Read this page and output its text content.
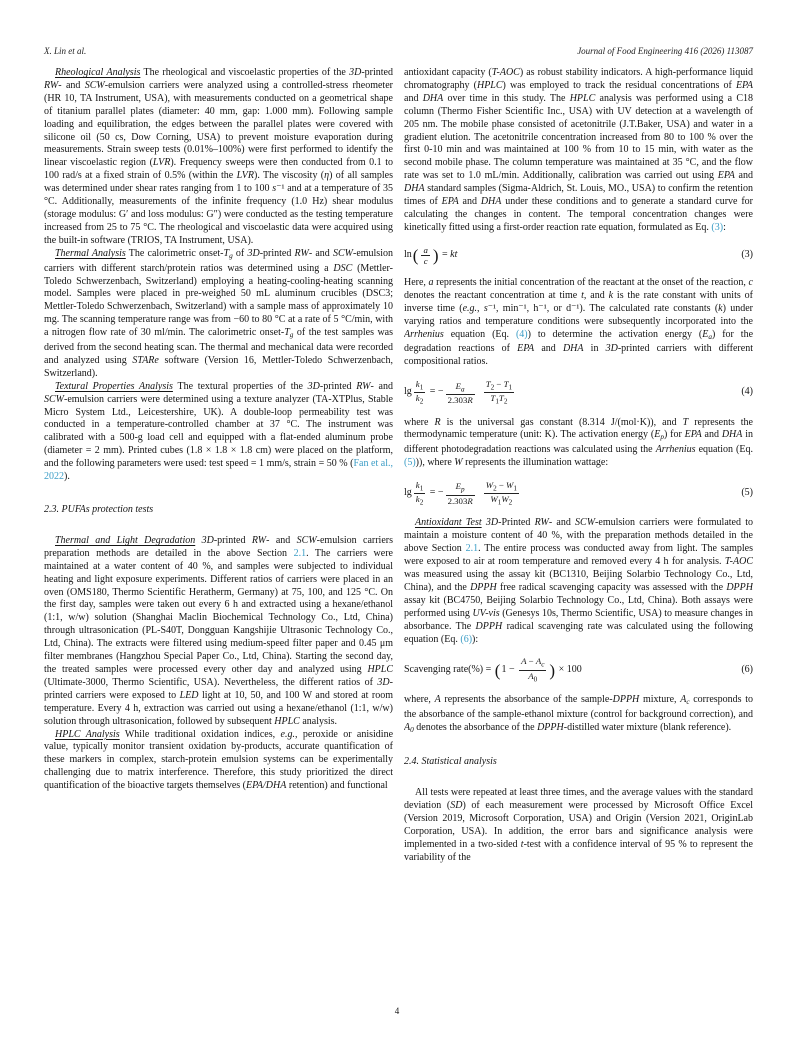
X. Lin et al.	Journal of Food Engineering 416 (2026) 113087

Rheological Analysis The rheological and viscoelastic properties of the 3D-printed RW- and SCW-emulsion carriers were analyzed using a controlled-stress rheometer (HR 10, TA Instrument, USA), with measurements conducted on a geometrical shape of titanium parallel plates (diameter: 40 mm, gap: 1.000 mm). Following sample loading and equilibration, the edges between the parallel plates were covered with silicone oil (50 cs, Dow Corning, USA) to prevent moisture evaporation during measurements. Strain sweep tests (0.01%–100%) were first performed to identify the linear viscoelastic region (LVR). Frequency sweeps were then conducted from 0.1 to 100 rad/s at a fixed strain of 0.5% (within the LVR). The viscosity (η) of all samples was determined under shear rates ranging from 1 to 100 s⁻¹ and at a temperature of 35 °C. Additionally, measurements of the infinite frequency (1.0 Hz) shear modulus (storage modulus: G′ and loss modulus: G″) were conducted as the testing temperature increased from 25 to 75 °C. The rheological and viscoelastic data were acquired using the built-in software (TRIOS, TA Instrument, USA).

Thermal Analysis The calorimetric onset-$T_g$ of 3D-printed RW- and SCW-emulsion carriers with different starch/protein ratios was determined using a DSC (Mettler-Toledo Schwerzenbach, Switzerland) employing a heating-cooling-heating scanning model. Samples were placed in pre-weighed 50 mL aluminum crucibles (DSC3; Mettler-Toledo Schwerzenbach, Switzerland) with a sample mass of approximately 10 mg. The scanning temperature range was from −60 to 80 °C at a rate of 5 °C/min, with a nitrogen flow rate of 30 ml/min. The calorimetric onset-$T_g$ of the test samples was derived from the second heating scan. The thermal and mechanical data were recorded and analyzed using STARe software (Version 16, Mettler-Toledo Schwerzenbach, Switzerland).

Textural Properties Analysis The textural properties of the 3D-printed RW- and SCW-emulsion carriers were determined using a texture analyzer (TA-XTPlus, Stable Micro System Ltd., Leicestershire, UK). A double-loop permeability test was conducted in a temperature-controlled chamber at 37 °C. The instrument was calibrated with a 500-g load cell and equipped with a flat-ended aluminum probe (diameter = 2 mm). Printed cubes (1.8 × 1.8 × 1.8 cm) were placed on the platform, and the following parameters were used: test speed = 1 mm/s, strain = 50 % (Fan et al., 2022).

2.3. PUFAs protection tests

Thermal and Light Degradation 3D-printed RW- and SCW-emulsion carriers preparation methods are detailed in the above Section 2.1. The carriers were maintained at a water content of 40 %, and samples were subjected to individual heating and light exposure experiments. Different ratios of carriers were placed in an oven (OMS180, Thermo Scientific Heratherm, Germany) at 75, 100, and 125 °C. On the first day, samples were taken out every 6 h and extracted using a hexane/ethanol (1:1, w/w) solution (Shanghai Maclin Biochemical Technology Co., Ltd, China) through ultrasonication (PL-S40T, Dongguan Kangshijie Ultrasonic Technology Co., Ltd, China). The extracts were filtered using medium-speed filter paper and 0.45 μm filter membranes (Hangzhou Special Paper Co., Ltd, China). Starting the second day, the treated samples were processed every other day and analyzed using HPLC (Ultimate-3000, Thermo Scientific, USA). Nevertheless, the different ratios of 3D-printed carriers were exposed to LED light at 10, 50, and 100 W and stored at room temperature. Every 4 h, extraction was carried out using a hexane/ethanol (1:1, w/w) solution through ultrasonication, followed by subsequent HPLC analysis.

HPLC Analysis While traditional oxidation indices, e.g., peroxide or anisidine value, typically monitor transient oxidation by-products, accurate quantification of these markers in complex, starch-protein emulsion systems can be experimentally challenging due to matrix interference. Therefore, this study prioritized the direct quantification of the bioactive targets themselves (EPA/DHA retention) and functional

antioxidant capacity (T-AOC) as robust stability indicators. A high-performance liquid chromatography (HPLC) was employed to track the residual concentrations of EPA and DHA over time in this study. The HPLC analysis was performed using a C18 column (Thermo Fisher Scientific Inc., USA) with UV detection at a wavelength of 205 nm. The mobile phase consisted of acetonitrile (J.T.Baker, USA) and water in a gradient elution. The acetonitrile concentration increased from 80 to 100 % over the first 0-10 min and was maintained at 100 % from 10 to 15 min, with water as the second mobile phase. The column temperature was maintained at 35 °C, and the flow rate was set to 1.0 mL/min. Additionally, calibration was carried out using EPA and DHA standard samples (Sigma-Aldrich, St. Louis, MO., USA) to confirm the retention times of EPA and DHA under these conditions and to generate a standard curve for calculating the changes in content. The temporal concentration changes were kinetically fitted using a first-order reaction rate equation, formulated as Eq. (3):

ln ( $\frac{a}{c}$ ) = kt	(3)

Here, a represents the initial concentration of the reactant at the onset of the reaction, c denotes the reactant concentration at time t, and k is the rate constant with units of inverse time (e.g., s⁻¹, min⁻¹, h⁻¹, or d⁻¹). The calculated rate constants (k) under varying ratios and temperature conditions were subsequently incorporated into the Arrhenius equation (Eq. (4)) to determine the activation energy $(E_a)$ for the degradation reactions of EPA and DHA in 3D-printed carriers with different compositional ratios.

$\lg \frac{k_1}{k_2}$ = − $\frac{E_a}{2.303R}$
  $\frac{T_2 - T_1}{T_1T_2}$	(4)

where R is the universal gas constant (8.314 J/(mol·K)), and T represents the thermodynamic temperature (unit: K). The activation energy $(E_p)$ for EPA and DHA in different photodegradation reactions was calculated using the Arrhenius equation (Eq. (5))), where W represents the illumination wattage:

$\lg \frac{k_1}{k_2}$ = − $\frac{E_p}{2.303R}$
  $\frac{W_2 - W_1}{W_1W_2}$	(5)

Antioxidant Test 3D-Printed RW- and SCW-emulsion carriers were formulated to maintain a moisture content of 40 %, with the preparation methods detailed in the above Section 2.1. The entire process was conducted away from light. The samples were exposed to air at room temperature and removed every 4 h for analysis. T-AOC was measured using the assay kit (BC1310, Beijing Solarbio Technology Co., Ltd, China), and the DPPH free radical scavenging capacity was assessed with the DPPH assay kit (BC4750, Beijing Solarbio Technology Co., Ltd, China). Both assays were performed using UV-vis (Genesys 10s, Thermo Scientific, USA) to measure changes in absorbance. The DPPH radical scavenging rate was calculated using the following equation (Eq. (6)):

Scavenging rate(%) = ( $1 - \frac{A - A_c}{A_0}$ ) × 100	(6)

where, A represents the absorbance of the sample-DPPH mixture, $A_c$ corresponds to the absorbance of the sample-ethanol mixture (control for background correction), and $A_0$ denotes the absorbance of the DPPH-distilled water mixture (blank reference).

2.4. Statistical analysis

All tests were repeated at least three times, and the average values with the standard deviation (SD) of each measurement were processed by Microsoft Office Excel (Version 2019, Microsoft Corporation, USA) and Origin (Version 2021, OriginLab Corporation, USA). In addition, the error bars and significance analysis were implemented in a two-sided t-test with a confidence interval of 95 % to represent the variability of the

4
